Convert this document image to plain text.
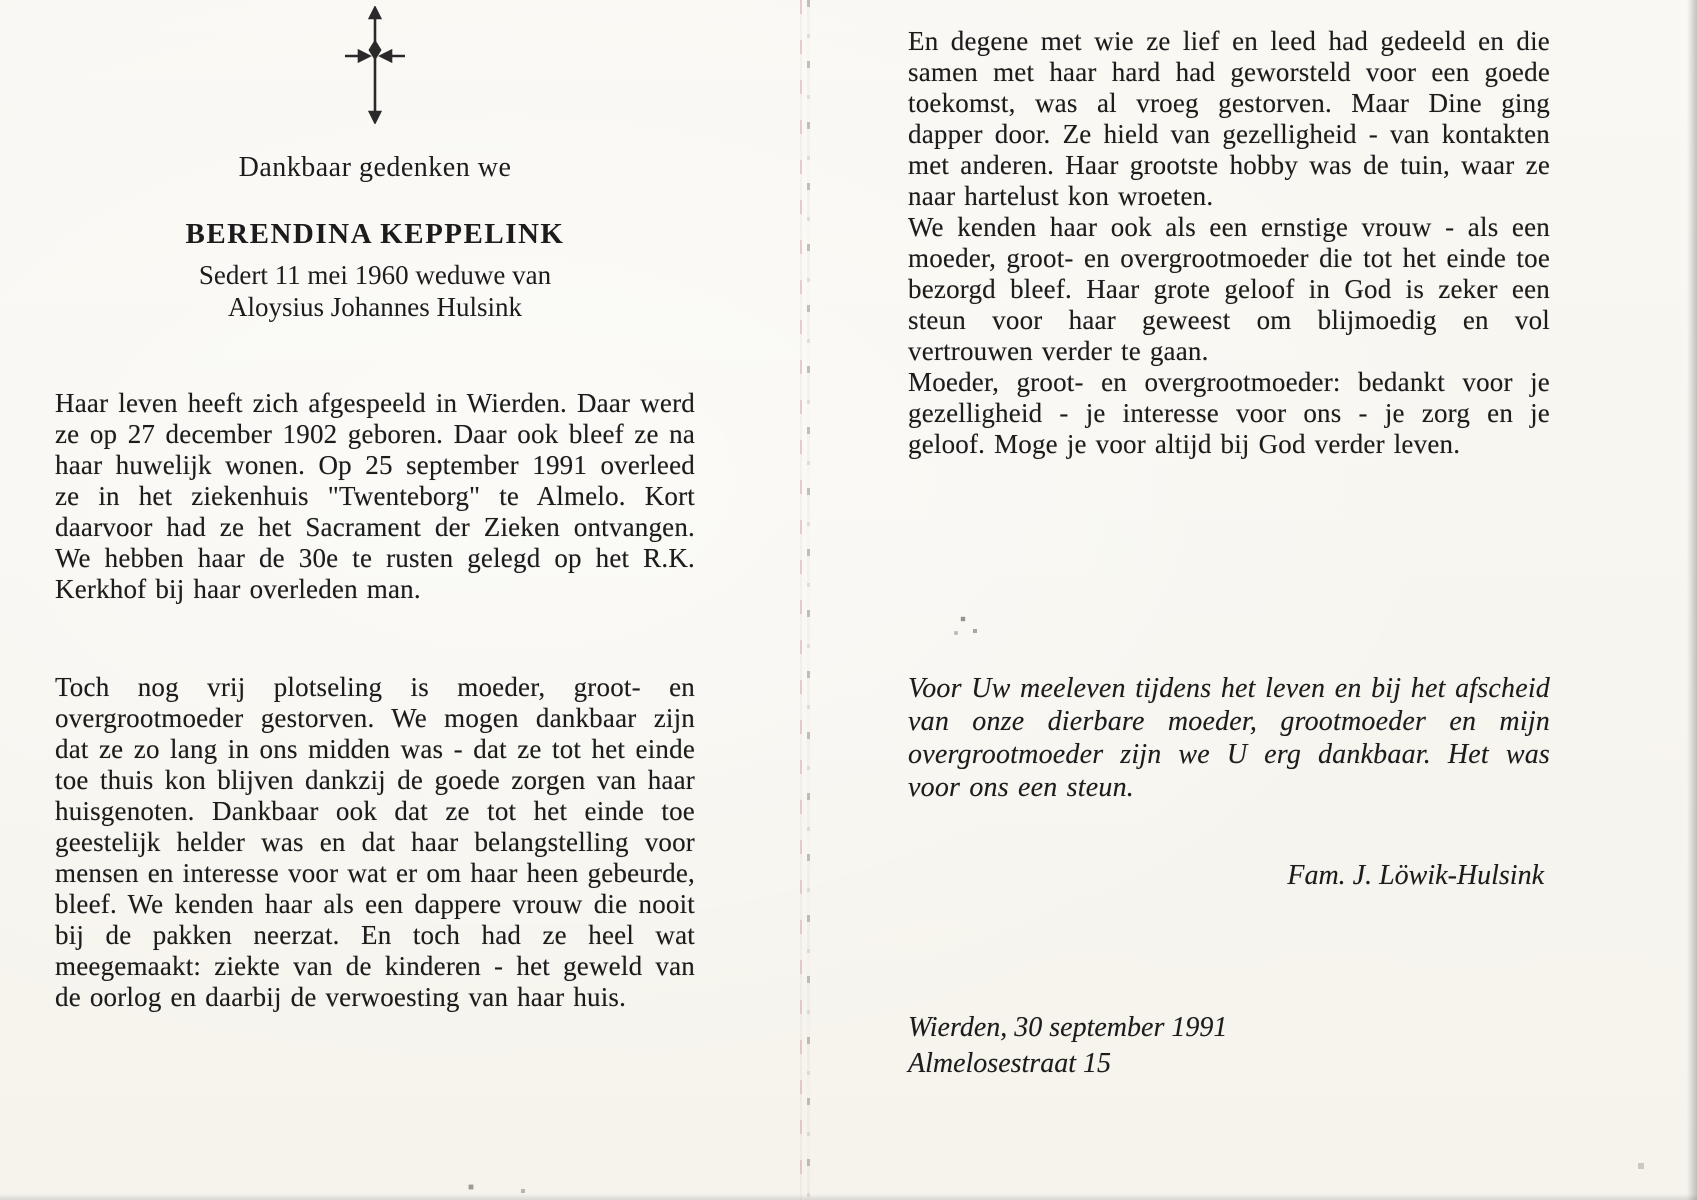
Dankbaar gedenken we
BERENDINA KEPPELINK
Sedert 11 mei 1960 weduwe van
Aloysius Johannes Hulsink

Haar leven heeft zich afgespeeld in Wierden. Daar werd ze op 27 december 1902 geboren. Daar ook bleef ze na haar huwelijk wonen. Op 25 september 1991 overleed ze in het ziekenhuis "Twenteborg" te Almelo. Kort daarvoor had ze het Sacrament der Zieken ontvangen. We hebben haar de 30e te rusten gelegd op het R.K. Kerkhof bij haar overleden man.

Toch nog vrij plotseling is moeder, groot- en overgrootmoeder gestorven. We mogen dankbaar zijn dat ze zo lang in ons midden was - dat ze tot het einde toe thuis kon blijven dankzij de goede zorgen van haar huisgenoten. Dankbaar ook dat ze tot het einde toe geestelijk helder was en dat haar belangstelling voor mensen en interesse voor wat er om haar heen gebeurde, bleef. We kenden haar als een dappere vrouw die nooit bij de pakken neerzat. En toch had ze heel wat meegemaakt: ziekte van de kinderen - het geweld van de oorlog en daarbij de verwoesting van haar huis.

En degene met wie ze lief en leed had gedeeld en die samen met haar hard had geworsteld voor een goede toekomst, was al vroeg gestorven. Maar Dine ging dapper door. Ze hield van gezelligheid - van kontakten met anderen. Haar grootste hobby was de tuin, waar ze naar hartelust kon wroeten.

We kenden haar ook als een ernstige vrouw - als een moeder, groot- en overgrootmoeder die tot het einde toe bezorgd bleef. Haar grote geloof in God is zeker een steun voor haar geweest om blijmoedig en vol vertrouwen verder te gaan.

Moeder, groot- en overgrootmoeder: bedankt voor je gezelligheid - je interesse voor ons - je zorg en je geloof. Moge je voor altijd bij God verder leven.

Voor Uw meeleven tijdens het leven en bij het afscheid van onze dierbare moeder, grootmoeder en mijn overgrootmoeder zijn we U erg dankbaar. Het was voor ons een steun.

Fam. J. Löwik-Hulsink
Wierden, 30 september 1991
Almelosestraat 15
